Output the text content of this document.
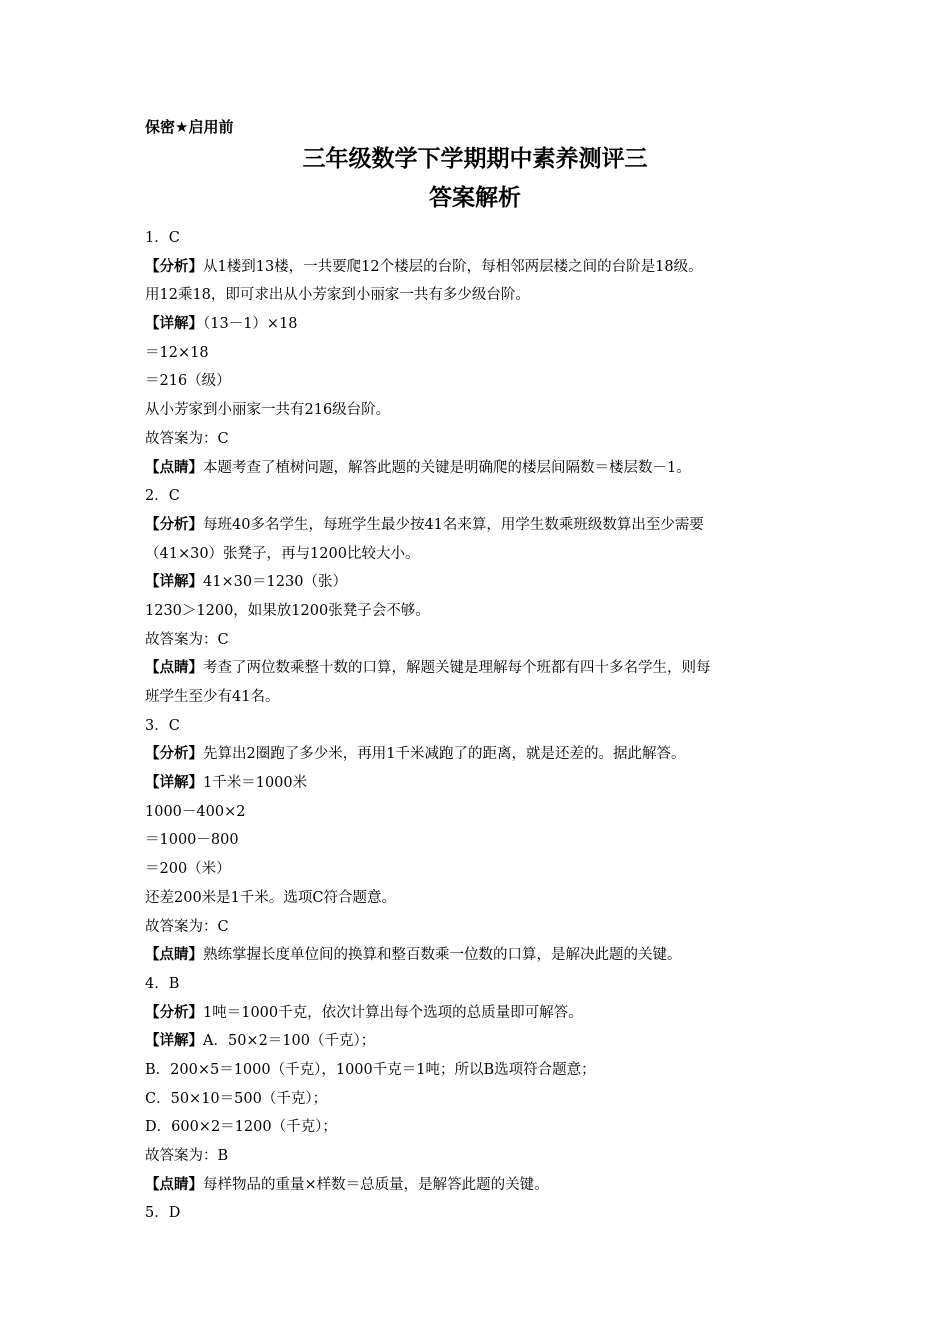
保密★启用前
三年级数学下学期期中素养测评三
答案解析
1．C
【分析】从1楼到13楼，一共要爬12个楼层的台阶，每相邻两层楼之间的台阶是18级。
用12乘18，即可求出从小芳家到小丽家一共有多少级台阶。
【详解】（13－1）×18
＝12×18
＝216（级）
从小芳家到小丽家一共有216级台阶。
故答案为：C
【点睛】本题考查了植树问题，解答此题的关键是明确爬的楼层间隔数＝楼层数－1。
2．C
【分析】每班40多名学生，每班学生最少按41名来算，用学生数乘班级数算出至少需要
（41×30）张凳子，再与1200比较大小。
【详解】41×30＝1230（张）
1230＞1200，如果放1200张凳子会不够。
故答案为：C
【点睛】考查了两位数乘整十数的口算，解题关键是理解每个班都有四十多名学生，则每
班学生至少有41名。
3．C
【分析】先算出2圈跑了多少米，再用1千米减跑了的距离，就是还差的。据此解答。
【详解】1千米＝1000米
1000－400×2
＝1000－800
＝200（米）
还差200米是1千米。选项C符合题意。
故答案为：C
【点睛】熟练掌握长度单位间的换算和整百数乘一位数的口算，是解决此题的关键。
4．B
【分析】1吨＝1000千克，依次计算出每个选项的总质量即可解答。
【详解】A．50×2＝100（千克）；
B．200×5＝1000（千克），1000千克＝1吨；所以B选项符合题意；
C．50×10＝500（千克）；
D．600×2＝1200（千克）；
故答案为：B
【点睛】每样物品的重量×样数＝总质量，是解答此题的关键。
5．D
